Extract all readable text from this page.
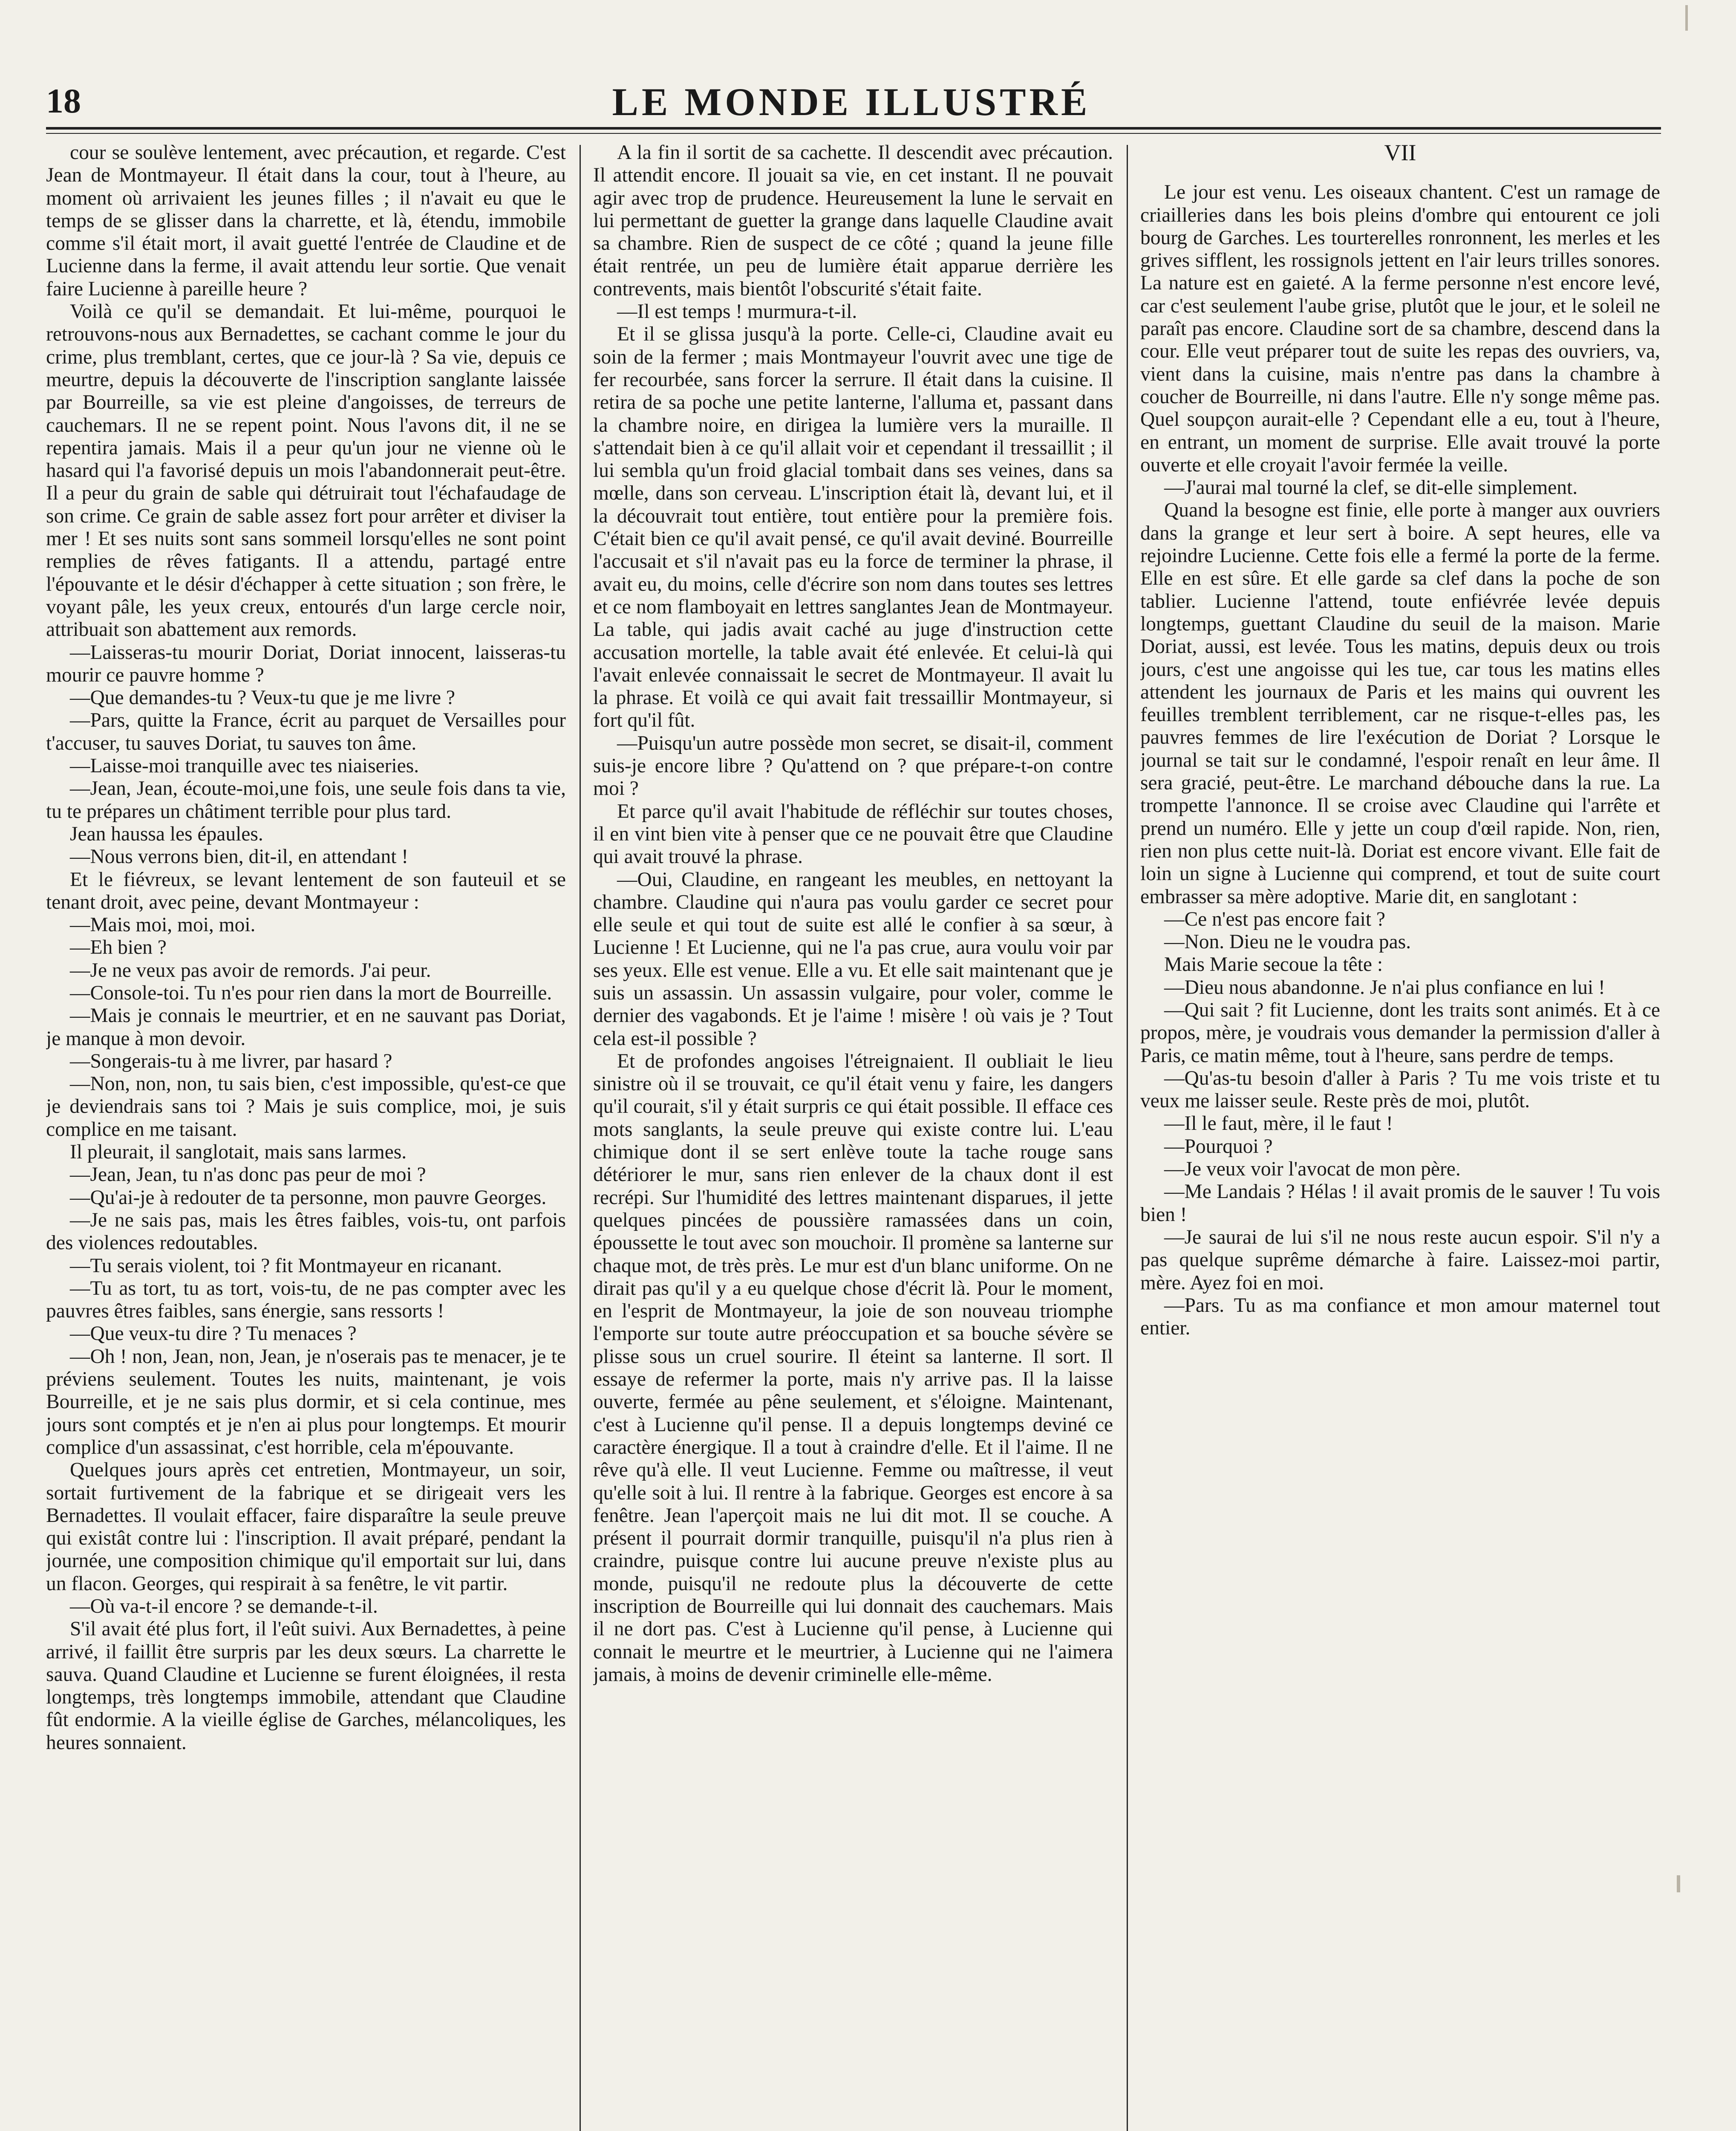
18	LE MONDE ILLUSTRÉ

cour se soulève lentement, avec précaution, et regarde. C'est Jean de Montmayeur. Il était dans la cour, tout à l'heure, au moment où arrivaient les jeunes filles ; il n'avait eu que le temps de se glisser dans la charrette, et là, étendu, immobile comme s'il était mort, il avait guetté l'entrée de Claudine et de Lucienne dans la ferme, il avait attendu leur sortie. Que venait faire Lucienne à pareille heure ?

Voilà ce qu'il se demandait. Et lui-même, pourquoi le retrouvons-nous aux Bernadettes, se cachant comme le jour du crime, plus tremblant, certes, que ce jour-là ? Sa vie, depuis ce meurtre, depuis la découverte de l'inscription sanglante laissée par Bourreille, sa vie est pleine d'angoisses, de terreurs de cauchemars. Il ne se repent point. Nous l'avons dit, il ne se repentira jamais. Mais il a peur qu'un jour ne vienne où le hasard qui l'a favorisé depuis un mois l'abandonnerait peut-être. Il a peur du grain de sable qui détruirait tout l'échafaudage de son crime. Ce grain de sable assez fort pour arrêter et diviser la mer ! Et ses nuits sont sans sommeil lorsqu'elles ne sont point remplies de rêves fatigants. Il a attendu, partagé entre l'épouvante et le désir d'échapper à cette situation ; son frère, le voyant pâle, les yeux creux, entourés d'un large cercle noir, attribuait son abattement aux remords.

—Laisseras-tu mourir Doriat, Doriat innocent, laisseras-tu mourir ce pauvre homme ?

—Que demandes-tu ? Veux-tu que je me livre ?

—Pars, quitte la France, écrit au parquet de Versailles pour t'accuser, tu sauves Doriat, tu sauves ton âme.

—Laisse-moi tranquille avec tes niaiseries.

—Jean, Jean, écoute-moi,une fois, une seule fois dans ta vie, tu te prépares un châtiment terrible pour plus tard.

Jean haussa les épaules.

—Nous verrons bien, dit-il, en attendant !

Et le fiévreux, se levant lentement de son fauteuil et se tenant droit, avec peine, devant Montmayeur :

—Mais moi, moi, moi.

—Eh bien ?

—Je ne veux pas avoir de remords. J'ai peur.

—Console-toi. Tu n'es pour rien dans la mort de Bourreille.

—Mais je connais le meurtrier, et en ne sauvant pas Doriat, je manque à mon devoir.

—Songerais-tu à me livrer, par hasard ?

—Non, non, non, tu sais bien, c'est impossible, qu'est-ce que je deviendrais sans toi ? Mais je suis complice, moi, je suis complice en me taisant.

Il pleurait, il sanglotait, mais sans larmes.

—Jean, Jean, tu n'as donc pas peur de moi ?

—Qu'ai-je à redouter de ta personne, mon pauvre Georges.

—Je ne sais pas, mais les êtres faibles, vois-tu, ont parfois des violences redoutables.

—Tu serais violent, toi ? fit Montmayeur en ricanant.

—Tu as tort, tu as tort, vois-tu, de ne pas compter avec les pauvres êtres faibles, sans énergie, sans ressorts !

—Que veux-tu dire ? Tu menaces ?

—Oh ! non, Jean, non, Jean, je n'oserais pas te menacer, je te préviens seulement. Toutes les nuits, maintenant, je vois Bourreille, et je ne sais plus dormir, et si cela continue, mes jours sont comptés et je n'en ai plus pour longtemps. Et mourir complice d'un assassinat, c'est horrible, cela m'épouvante.

Quelques jours après cet entretien, Montmayeur, un soir, sortait furtivement de la fabrique et se dirigeait vers les Bernadettes. Il voulait effacer, faire disparaître la seule preuve qui existât contre lui : l'inscription. Il avait préparé, pendant la journée, une composition chimique qu'il emportait sur lui, dans un flacon. Georges, qui respirait à sa fenêtre, le vit partir.

—Où va-t-il encore ? se demande-t-il.

S'il avait été plus fort, il l'eût suivi. Aux Bernadettes, à peine arrivé, il faillit être surpris par les deux sœurs. La charrette le sauva. Quand Claudine et Lucienne se furent éloignées, il resta longtemps, très longtemps immobile, attendant que Claudine fût endormie. A la vieille église de Garches, mélancoliques, les heures sonnaient.

A la fin il sortit de sa cachette. Il descendit avec précaution. Il attendit encore. Il jouait sa vie, en cet instant. Il ne pouvait agir avec trop de prudence. Heureusement la lune le servait en lui permettant de guetter la grange dans laquelle Claudine avait sa chambre. Rien de suspect de ce côté ; quand la jeune fille était rentrée, un peu de lumière était apparue derrière les contrevents, mais bientôt l'obscurité s'était faite.

—Il est temps ! murmura-t-il.

Et il se glissa jusqu'à la porte. Celle-ci, Claudine avait eu soin de la fermer ; mais Montmayeur l'ouvrit avec une tige de fer recourbée, sans forcer la serrure. Il était dans la cuisine. Il retira de sa poche une petite lanterne, l'alluma et, passant dans la chambre noire, en dirigea la lumière vers la muraille. Il s'attendait bien à ce qu'il allait voir et cependant il tressaillit ; il lui sembla qu'un froid glacial tombait dans ses veines, dans sa mœlle, dans son cerveau. L'inscription était là, devant lui, et il la découvrait tout entière, tout entière pour la première fois. C'était bien ce qu'il avait pensé, ce qu'il avait deviné. Bourreille l'accusait et s'il n'avait pas eu la force de terminer la phrase, il avait eu, du moins, celle d'écrire son nom dans toutes ses lettres et ce nom flamboyait en lettres sanglantes Jean de Montmayeur. La table, qui jadis avait caché au juge d'instruction cette accusation mortelle, la table avait été enlevée. Et celui-là qui l'avait enlevée connaissait le secret de Montmayeur. Il avait lu la phrase. Et voilà ce qui avait fait tressaillir Montmayeur, si fort qu'il fût.

—Puisqu'un autre possède mon secret, se disait-il, comment suis-je encore libre ? Qu'attend on ? que prépare-t-on contre moi ?

Et parce qu'il avait l'habitude de réfléchir sur toutes choses, il en vint bien vite à penser que ce ne pouvait être que Claudine qui avait trouvé la phrase.

—Oui, Claudine, en rangeant les meubles, en nettoyant la chambre. Claudine qui n'aura pas voulu garder ce secret pour elle seule et qui tout de suite est allé le confier à sa sœur, à Lucienne ! Et Lucienne, qui ne l'a pas crue, aura voulu voir par ses yeux. Elle est venue. Elle a vu. Et elle sait maintenant que je suis un assassin. Un assassin vulgaire, pour voler, comme le dernier des vagabonds. Et je l'aime ! misère ! où vais je ? Tout cela est-il possible ?

Et de profondes angoises l'étreignaient. Il oubliait le lieu sinistre où il se trouvait, ce qu'il était venu y faire, les dangers qu'il courait, s'il y était surpris ce qui était possible. Il efface ces mots sanglants, la seule preuve qui existe contre lui. L'eau chimique dont il se sert enlève toute la tache rouge sans détériorer le mur, sans rien enlever de la chaux dont il est recrépi. Sur l'humidité des lettres maintenant disparues, il jette quelques pincées de poussière ramassées dans un coin, époussette le tout avec son mouchoir. Il promène sa lanterne sur chaque mot, de très près. Le mur est d'un blanc uniforme. On ne dirait pas qu'il y a eu quelque chose d'écrit là. Pour le moment, en l'esprit de Montmayeur, la joie de son nouveau triomphe l'emporte sur toute autre préoccupation et sa bouche sévère se plisse sous un cruel sourire. Il éteint sa lanterne. Il sort. Il essaye de refermer la porte, mais n'y arrive pas. Il la laisse ouverte, fermée au pêne seulement, et s'éloigne. Maintenant, c'est à Lucienne qu'il pense. Il a depuis longtemps deviné ce caractère énergique. Il a tout à craindre d'elle. Et il l'aime. Il ne rêve qu'à elle. Il veut Lucienne. Femme ou maîtresse, il veut qu'elle soit à lui. Il rentre à la fabrique. Georges est encore à sa fenêtre. Jean l'aperçoit mais ne lui dit mot. Il se couche. A présent il pourrait dormir tranquille, puisqu'il n'a plus rien à craindre, puisque contre lui aucune preuve n'existe plus au monde, puisqu'il ne redoute plus la découverte de cette inscription de Bourreille qui lui donnait des cauchemars. Mais il ne dort pas. C'est à Lucienne qu'il pense, à Lucienne qui connait le meurtre et le meurtrier, à Lucienne qui ne l'aimera jamais, à moins de devenir criminelle elle-même.

VII

Le jour est venu. Les oiseaux chantent. C'est un ramage de criailleries dans les bois pleins d'ombre qui entourent ce joli bourg de Garches. Les tourterelles ronronnent, les merles et les grives sifflent, les rossignols jettent en l'air leurs trilles sonores. La nature est en gaieté. A la ferme personne n'est encore levé, car c'est seulement l'aube grise, plutôt que le jour, et le soleil ne paraît pas encore. Claudine sort de sa chambre, descend dans la cour. Elle veut préparer tout de suite les repas des ouvriers, va, vient dans la cuisine, mais n'entre pas dans la chambre à coucher de Bourreille, ni dans l'autre. Elle n'y songe même pas. Quel soupçon aurait-elle ? Cependant elle a eu, tout à l'heure, en entrant, un moment de surprise. Elle avait trouvé la porte ouverte et elle croyait l'avoir fermée la veille.

—J'aurai mal tourné la clef, se dit-elle simplement.

Quand la besogne est finie, elle porte à manger aux ouvriers dans la grange et leur sert à boire. A sept heures, elle va rejoindre Lucienne. Cette fois elle a fermé la porte de la ferme. Elle en est sûre. Et elle garde sa clef dans la poche de son tablier. Lucienne l'attend, toute enfiévrée levée depuis longtemps, guettant Claudine du seuil de la maison. Marie Doriat, aussi, est levée. Tous les matins, depuis deux ou trois jours, c'est une angoisse qui les tue, car tous les matins elles attendent les journaux de Paris et les mains qui ouvrent les feuilles tremblent terriblement, car ne risque-t-elles pas, les pauvres femmes de lire l'exécution de Doriat ? Lorsque le journal se tait sur le condamné, l'espoir renaît en leur âme. Il sera gracié, peut-être. Le marchand débouche dans la rue. La trompette l'annonce. Il se croise avec Claudine qui l'arrête et prend un numéro. Elle y jette un coup d'œil rapide. Non, rien, rien non plus cette nuit-là. Doriat est encore vivant. Elle fait de loin un signe à Lucienne qui comprend, et tout de suite court embrasser sa mère adoptive. Marie dit, en sanglotant :

—Ce n'est pas encore fait ?

—Non. Dieu ne le voudra pas.

Mais Marie secoue la tête :

—Dieu nous abandonne. Je n'ai plus confiance en lui !

—Qui sait ? fit Lucienne, dont les traits sont animés. Et à ce propos, mère, je voudrais vous demander la permission d'aller à Paris, ce matin même, tout à l'heure, sans perdre de temps.

—Qu'as-tu besoin d'aller à Paris ? Tu me vois triste et tu veux me laisser seule. Reste près de moi, plutôt.

—Il le faut, mère, il le faut !

—Pourquoi ?

—Je veux voir l'avocat de mon père.

—Me Landais ? Hélas ! il avait promis de le sauver ! Tu vois bien !

—Je saurai de lui s'il ne nous reste aucun espoir. S'il n'y a pas quelque suprême démarche à faire. Laissez-moi partir, mère. Ayez foi en moi.

—Pars. Tu as ma confiance et mon amour maternel tout entier.
